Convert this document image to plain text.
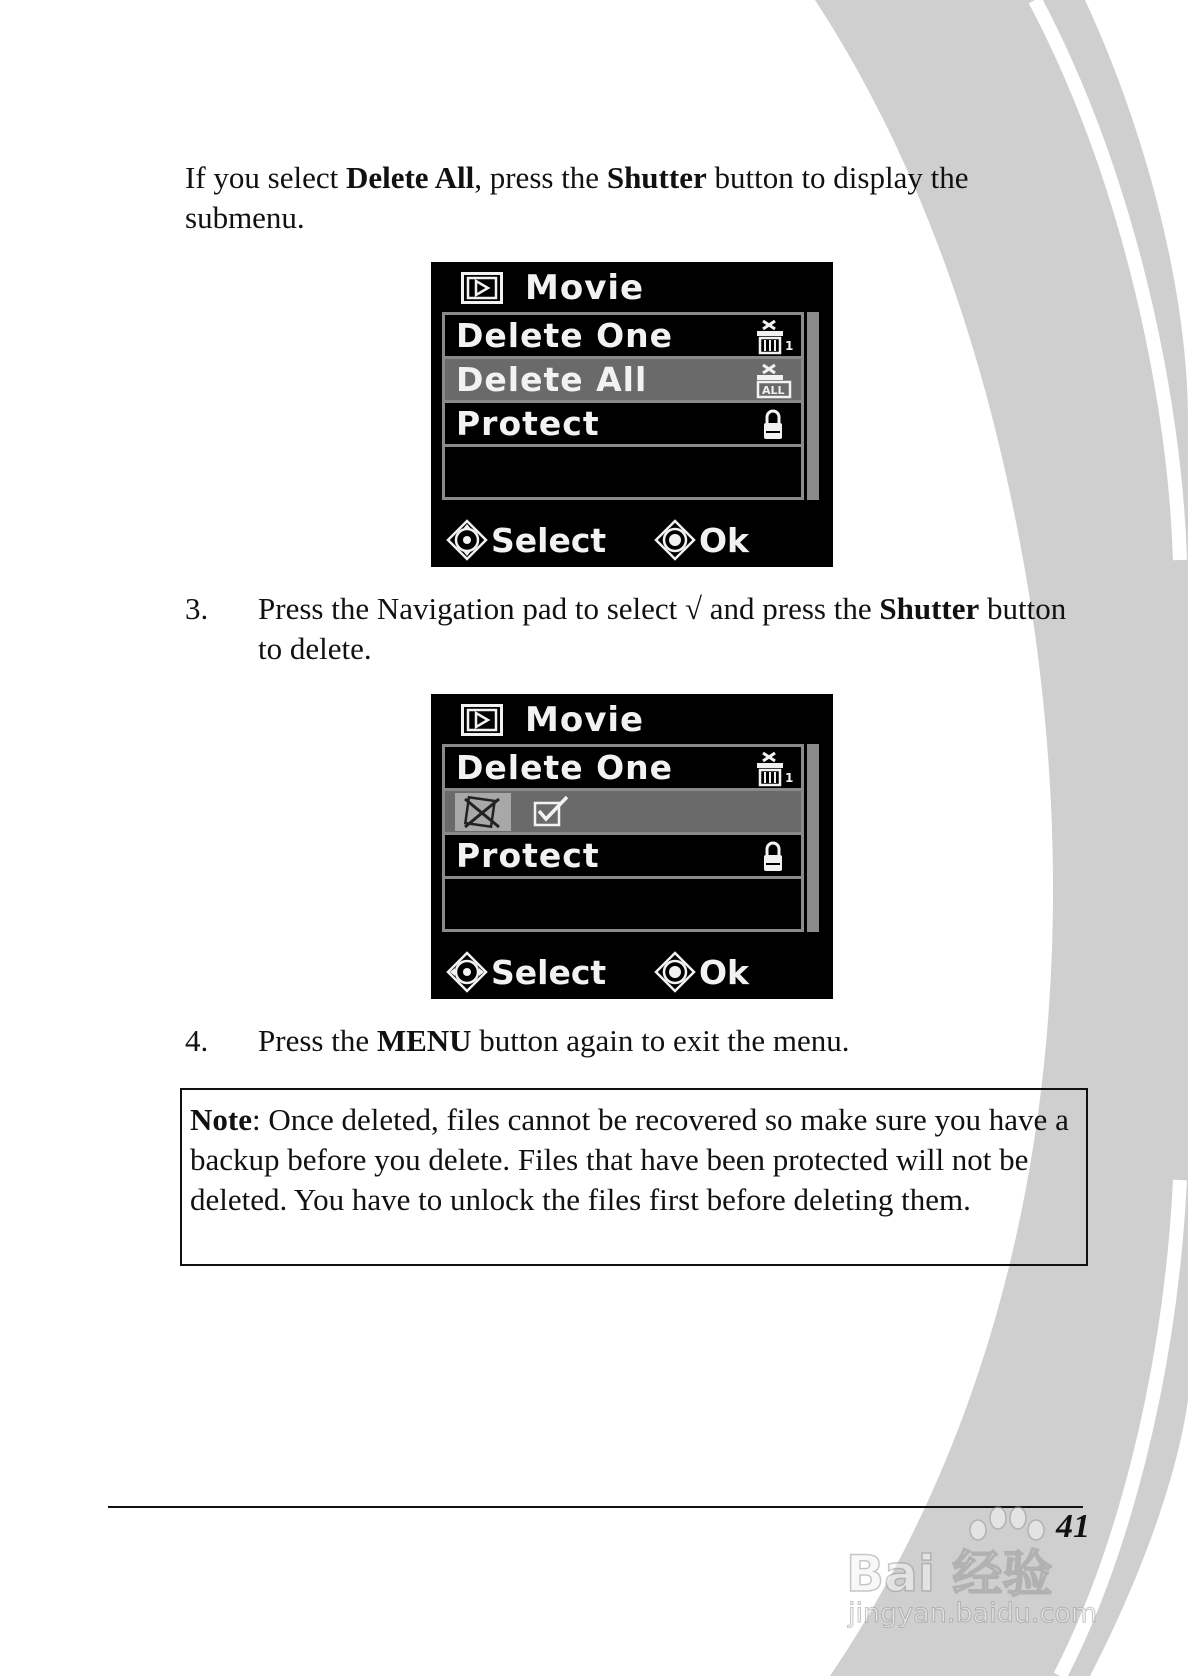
If you select Delete All, press the Shutter button to display the submenu.

Movie
Delete One	1
Delete All	ALL
Protect
Select	Ok
3. Press the Navigation pad to select √ and press the Shutter button to delete.
Movie
Delete One	1
Protect
Select	Ok
4. Press the MENU button again to exit the menu.
Note: Once deleted, files cannot be recovered so make sure you have a backup before you delete. Files that have been protected will not be deleted. You have to unlock the files first before deleting them.
41
Bai 经验
jingyan.baidu.com
